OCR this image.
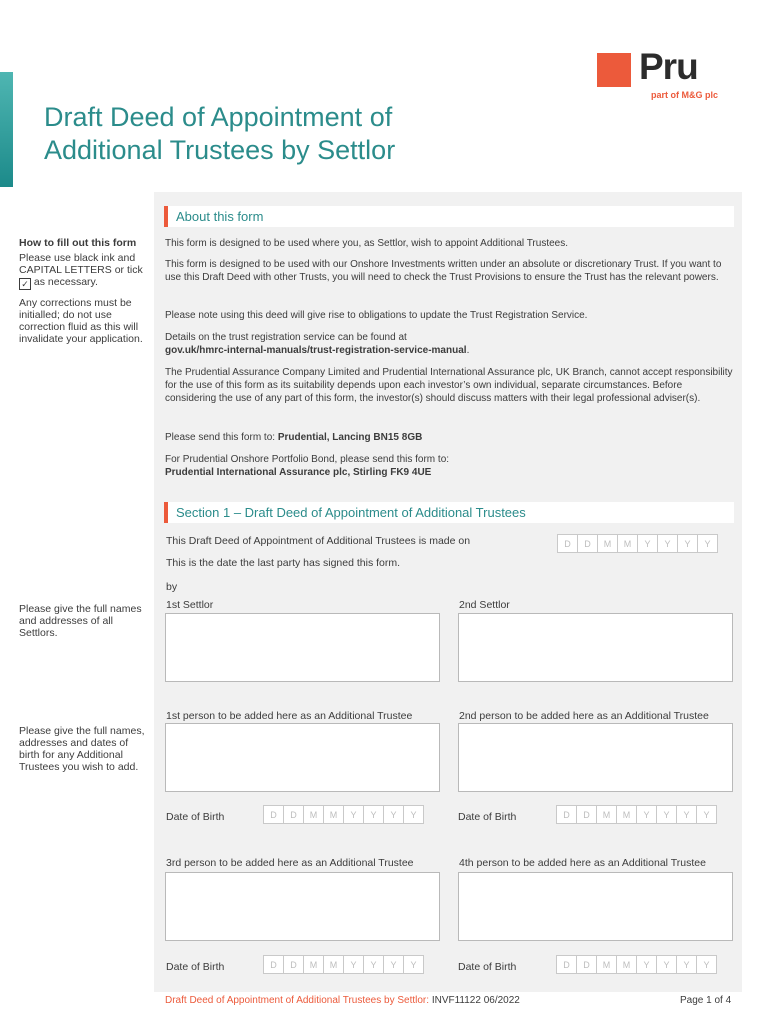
Pru
part of M&G plc
Draft Deed of Appointment of
Additional Trustees by Settlor
How to fill out this form
Please use black ink and CAPITAL LETTERS or tick ✓ as necessary.
Any corrections must be initialled; do not use correction fluid as this will invalidate your application.
Please give the full names and addresses of all Settlors.
Please give the full names, addresses and dates of birth for any Additional Trustees you wish to add.
About this form

This form is designed to be used where you, as Settlor, wish to appoint Additional Trustees.

This form is designed to be used with our Onshore Investments written under an absolute or discretionary Trust. If you want to use this Draft Deed with other Trusts, you will need to check the Trust Provisions to ensure the Trust has the relevant powers.

Please note using this deed will give rise to obligations to update the Trust Registration Service.

Details on the trust registration service can be found at
gov.uk/hmrc-internal-manuals/trust-registration-service-manual.

The Prudential Assurance Company Limited and Prudential International Assurance plc, UK Branch, cannot accept responsibility for the use of this form as its suitability depends upon each investor’s own individual, separate circumstances. Before considering the use of any part of this form, the investor(s) should discuss matters with their legal professional adviser(s).

Please send this form to: Prudential, Lancing BN15 8GB

For Prudential Onshore Portfolio Bond, please send this form to:
Prudential International Assurance plc, Stirling FK9 4UE

Section 1 – Draft Deed of Appointment of Additional Trustees
This Draft Deed of Appointment of Additional Trustees is made on	D	D	M	M	Y	Y	Y	Y
This is the date the last party has signed this form.
by
1st Settlor	2nd Settlor
1st person to be added here as an Additional Trustee	2nd person to be added here as an Additional Trustee
Date of Birth	D	D	M	M	Y	Y	Y	Y	Date of Birth	D	D	M	M	Y	Y	Y	Y
3rd person to be added here as an Additional Trustee	4th person to be added here as an Additional Trustee
Date of Birth	D	D	M	M	Y	Y	Y	Y	Date of Birth	D	D	M	M	Y	Y	Y	Y
Draft Deed of Appointment of Additional Trustees by Settlor: INVF11122 06/2022	Page 1 of 4
